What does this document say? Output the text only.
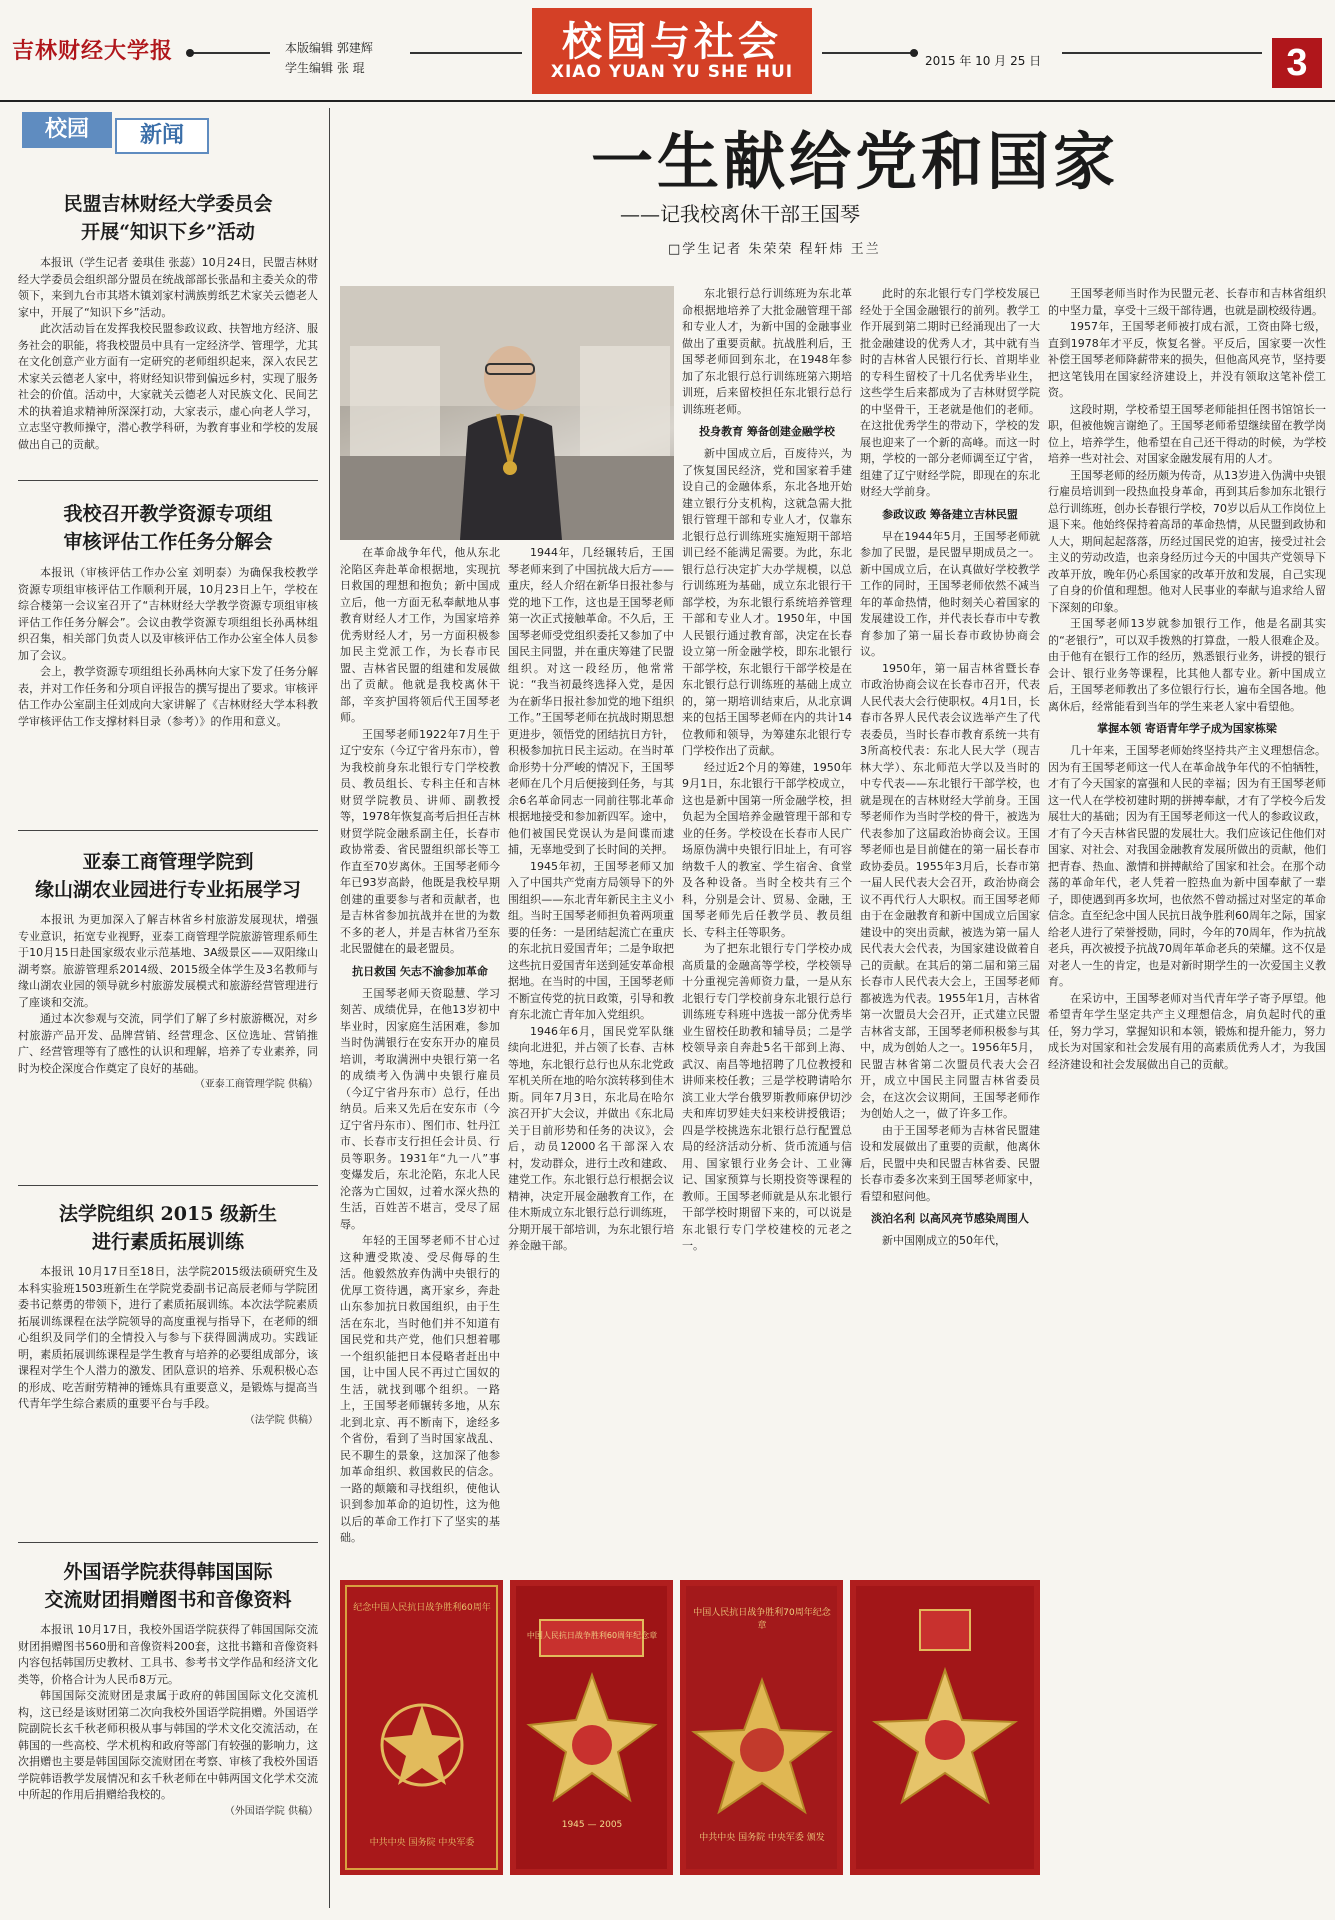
吉林财经大学报	本版编辑 郭建辉
学生编辑 张 琨
校园与社会
XIAO YUAN YU SHE HUI
2015 年 10 月 25 日	3
校园	新闻
民盟吉林财经大学委员会
开展“知识下乡”活动

本报讯（学生记者 姜琪佳 张蕊）10月24日，民盟吉林财经大学委员会组织部分盟员在统战部部长张晶和主委关众的带领下，来到九台市其塔木镇刘家村满族剪纸艺术家关云德老人家中，开展了“知识下乡”活动。

此次活动旨在发挥我校民盟参政议政、扶智地方经济、服务社会的职能，将我校盟员中具有一定经济学、管理学，尤其在文化创意产业方面有一定研究的老师组织起来，深入农民艺术家关云德老人家中，将财经知识带到偏远乡村，实现了服务社会的价值。活动中，大家就关云德老人对民族文化、民间艺术的执着追求精神所深深打动，大家表示，虚心向老人学习，立志坚守教师操守，潜心教学科研，为教育事业和学校的发展做出自己的贡献。

我校召开教学资源专项组
审核评估工作任务分解会

本报讯（审核评估工作办公室 刘明泰）为确保我校教学资源专项组审核评估工作顺利开展，10月23日上午，学校在综合楼第一会议室召开了“吉林财经大学教学资源专项组审核评估工作任务分解会”。会议由教学资源专项组组长孙禹林组织召集，相关部门负责人以及审核评估工作办公室全体人员参加了会议。

会上，教学资源专项组组长孙禹林向大家下发了任务分解表，并对工作任务和分项自评报告的撰写提出了要求。审核评估工作办公室副主任刘成向大家讲解了《吉林财经大学本科教学审核评估工作支撑材料目录（参考）》的作用和意义。

亚泰工商管理学院到
缘山湖农业园进行专业拓展学习

本报讯 为更加深入了解吉林省乡村旅游发展现状，增强专业意识，拓宽专业视野，亚泰工商管理学院旅游管理系师生于10月15日赴国家级农业示范基地、3A级景区——双阳缘山湖考察。旅游管理系2014级、2015级全体学生及3名教师与缘山湖农业园的领导就乡村旅游发展模式和旅游经营管理进行了座谈和交流。

通过本次参观与交流，同学们了解了乡村旅游概况，对乡村旅游产品开发、品牌营销、经营理念、区位选址、营销推广、经营管理等有了感性的认识和理解，培养了专业素养，同时为校企深度合作奠定了良好的基础。

（亚泰工商管理学院 供稿）
法学院组织 2015 级新生
进行素质拓展训练

本报讯 10月17日至18日，法学院2015级法硕研究生及本科实验班1503班新生在学院党委副书记高辰老师与学院团委书记蔡勇的带领下，进行了素质拓展训练。本次法学院素质拓展训练课程在法学院领导的高度重视与指导下，在老师的细心组织及同学们的全情投入与参与下获得圆满成功。实践证明，素质拓展训练课程是学生教育与培养的必要组成部分，该课程对学生个人潜力的激发、团队意识的培养、乐观积极心态的形成、吃苦耐劳精神的锤炼具有重要意义，是锻炼与提高当代青年学生综合素质的重要平台与手段。

（法学院 供稿）
外国语学院获得韩国国际
交流财团捐赠图书和音像资料

本报讯 10月17日，我校外国语学院获得了韩国国际交流财团捐赠图书560册和音像资料200套，这批书籍和音像资料内容包括韩国历史教材、工具书、参考书文学作品和经济文化类等，价格合计为人民币8万元。

韩国国际交流财团是隶属于政府的韩国国际文化交流机构，这已经是该财团第二次向我校外国语学院捐赠。外国语学院副院长玄千秋老师积极从事与韩国的学术文化交流活动，在韩国的一些高校、学术机构和政府等部门有较强的影响力，这次捐赠也主要是韩国国际交流财团在考察、审核了我校外国语学院韩语教学发展情况和玄千秋老师在中韩两国文化学术交流中所起的作用后捐赠给我校的。

（外国语学院 供稿）
一生献给党和国家
——记我校离休干部王国琴
□学生记者 朱荣荣 程轩炜 王兰

在革命战争年代，他从东北沦陷区奔赴革命根据地，实现抗日救国的理想和抱负；新中国成立后，他一方面无私奉献地从事教育财经人才工作，为国家培养优秀财经人才，另一方面积极参加民主党派工作，为长春市民盟、吉林省民盟的组建和发展做出了贡献。他就是我校离休干部，辛亥护国将领后代王国琴老师。

王国琴老师1922年7月生于辽宁安东（今辽宁省丹东市），曾为我校前身东北银行专门学校教员、教员组长、专科主任和吉林财贸学院教员、讲师、副教授等，1978年恢复高考后担任吉林财贸学院金融系副主任，长春市政协常委、省民盟组织部长等工作直至70岁离休。王国琴老师今年已93岁高龄，他既是我校早期创建的重要参与者和贡献者，也是吉林省参加抗战并在世的为数不多的老人，并是吉林省乃至东北民盟健在的最老盟员。

抗日救国 矢志不渝参加革命

王国琴老师天资聪慧、学习刻苦、成绩优异，在他13岁初中毕业时，因家庭生活困难，参加当时伪满银行在安东开办的雇员培训，考取满洲中央银行第一名的成绩考入伪满中央银行雇员（今辽宁省丹东市）总行，任出纳员。后来又先后在安东市（今辽宁省丹东市）、图们市、牡丹江市、长春市支行担任会计员、行员等职务。1931年“九一八”事变爆发后，东北沦陷，东北人民沦落为亡国奴，过着水深火热的生活，百姓苦不堪言，受尽了屈辱。

年轻的王国琴老师不甘心过这种遭受欺凌、受尽侮辱的生活。他毅然放弃伪满中央银行的优厚工资待遇，离开家乡，奔赴山东参加抗日救国组织，由于生活在东北，当时他们并不知道有国民党和共产党，他们只想着哪一个组织能把日本侵略者赶出中国，让中国人民不再过亡国奴的生活，就找到哪个组织。一路上，王国琴老师辗转多地，从东北到北京、再不断南下，途经多个省份，看到了当时国家战乱、民不聊生的景象，这加深了他参加革命组织、救国救民的信念。一路的颠簸和寻找组织，使他认识到参加革命的迫切性，这为他以后的革命工作打下了坚实的基础。

1944年，几经辗转后，王国琴老师来到了中国抗战大后方——重庆，经人介绍在新华日报社参与党的地下工作，这也是王国琴老师第一次正式接触革命。不久后，王国琴老师受党组织委托又参加了中国民主同盟，并在重庆筹建了民盟组织。对这一段经历，他常常说：“我当初最终选择入党，是因为在新华日报社参加党的地下组织工作。”王国琴老师在抗战时期思想更进步，领悟党的团结抗日方针，积极参加抗日民主运动。在当时革命形势十分严峻的情况下，王国琴老师在几个月后便接到任务，与其余6名革命同志一同前往鄂北革命根据地接受和参加新四军。途中，他们被国民党误认为是间谍而逮捕，无辜地受到了长时间的关押。

1945年初，王国琴老师又加入了中国共产党南方局领导下的外围组织——东北青年新民主主义小组。当时王国琴老师担负着两项重要的任务：一是团结起流亡在重庆的东北抗日爱国青年；二是争取把这些抗日爱国青年送到延安革命根据地。在当时的中国，王国琴老师不断宣传党的抗日政策，引导和教育东北流亡青年加入党组织。

1946年6月，国民党军队继续向北进犯，并占领了长春、吉林等地，东北银行总行也从东北党政军机关所在地的哈尔滨转移到佳木斯。同年7月3日，东北局在哈尔滨召开扩大会议，并做出《东北局关于目前形势和任务的决议》，会后，动员12000名干部深入农村，发动群众，进行土改和建政、建党工作。东北银行总行根据会议精神，决定开展金融教育工作，在佳木斯成立东北银行总行训练班，分期开展干部培训，为东北银行培养金融干部。

东北银行总行训练班为东北革命根据地培养了大批金融管理干部和专业人才，为新中国的金融事业做出了重要贡献。抗战胜利后，王国琴老师回到东北，在1948年参加了东北银行总行训练班第六期培训班，后来留校担任东北银行总行训练班老师。

投身教育 筹备创建金融学校

新中国成立后，百废待兴，为了恢复国民经济，党和国家着手建设自己的金融体系，东北各地开始建立银行分支机构，这就急需大批银行管理干部和专业人才，仅靠东北银行总行训练班实施短期干部培训已经不能满足需要。为此，东北银行总行决定扩大办学规模，以总行训练班为基础，成立东北银行干部学校，为东北银行系统培养管理干部和专业人才。1950年，中国人民银行通过教育部，决定在长春设立第一所金融学校，即东北银行干部学校，东北银行干部学校是在东北银行总行训练班的基础上成立的，第一期培训结束后，从北京调来的包括王国琴老师在内的共计14位教师和领导，为筹建东北银行专门学校作出了贡献。

经过近2个月的筹建，1950年9月1日，东北银行干部学校成立，这也是新中国第一所金融学校，担负起为全国培养金融管理干部和专业的任务。学校设在长春市人民广场原伪满中央银行旧址上，有可容纳数千人的教室、学生宿舍、食堂及各种设备。当时全校共有三个科，分别是会计、贸易、金融，王国琴老师先后任教学员、教员组长、专科主任等职务。

为了把东北银行专门学校办成高质量的金融高等学校，学校领导十分重视完善师资力量，一是从东北银行专门学校前身东北银行总行训练班专科班中选拔一部分优秀毕业生留校任助教和辅导员；二是学校领导亲自奔赴5名干部到上海、武汉、南昌等地招聘了几位教授和讲师来校任教；三是学校聘请哈尔滨工业大学台俄罗斯教师麻伊切沙夫和库切罗娃夫妇来校讲授俄语；四是学校挑选东北银行总行配置总局的经济活动分析、货币流通与信用、国家银行业务会计、工业簿记、国家预算与长期投资等课程的教师。王国琴老师就是从东北银行干部学校时期留下来的，可以说是东北银行专门学校建校的元老之一。

此时的东北银行专门学校发展已经处于全国金融银行的前列。教学工作开展到第二期时已经涌现出了一大批金融建设的优秀人才，其中就有当时的吉林省人民银行行长、首期毕业的专科生留校了十几名优秀毕业生，这些学生后来都成为了吉林财贸学院的中坚骨干，王老就是他们的老师。在这批优秀学生的带动下，学校的发展也迎来了一个新的高峰。而这一时期，学校的一部分老师调至辽宁省，组建了辽宁财经学院，即现在的东北财经大学前身。

参政议政 筹备建立吉林民盟

早在1944年5月，王国琴老师就参加了民盟，是民盟早期成员之一。新中国成立后，在认真做好学校教学工作的同时，王国琴老师依然不减当年的革命热情，他时刻关心着国家的发展建设工作，并代表长春市中专教育参加了第一届长春市政协协商会议。

1950年，第一届吉林省暨长春市政治协商会议在长春市召开，代表人民代表大会行使职权。4月1日，长春市各界人民代表会议选举产生了代表委员，当时长春市教育系统一共有3所高校代表：东北人民大学（现吉林大学）、东北师范大学以及当时的中专代表——东北银行干部学校，也就是现在的吉林财经大学前身。王国琴老师作为当时学校的骨干，被选为代表参加了这届政治协商会议。王国琴老师也是目前健在的第一届长春市政协委员。1955年3月后，长春市第一届人民代表大会召开，政治协商会议不再代行人大职权。而王国琴老师由于在金融教育和新中国成立后国家建设中的突出贡献，被选为第一届人民代表大会代表，为国家建设做着自己的贡献。在其后的第二届和第三届长春市人民代表大会上，王国琴老师都被选为代表。1955年1月，吉林省第一次盟员大会召开，正式建立民盟吉林省支部，王国琴老师积极参与其中，成为创始人之一。1956年5月，民盟吉林省第二次盟员代表大会召开，成立中国民主同盟吉林省委员会，在这次会议期间，王国琴老师作为创始人之一，做了许多工作。

由于王国琴老师为吉林省民盟建设和发展做出了重要的贡献，他离休后，民盟中央和民盟吉林省委、民盟长春市委多次来到王国琴老师家中，看望和慰问他。

淡泊名利 以高风亮节感染周围人

新中国刚成立的50年代，

王国琴老师当时作为民盟元老、长春市和吉林省组织的中坚力量，享受十三级干部待遇，也就是副校级待遇。

1957年，王国琴老师被打成右派，工资由降七级，直到1978年才平反，恢复名誉。平反后，国家要一次性补偿王国琴老师降薪带来的损失，但他高风亮节，坚持要把这笔钱用在国家经济建设上，并没有领取这笔补偿工资。

这段时期，学校希望王国琴老师能担任图书馆馆长一职，但被他婉言谢绝了。王国琴老师希望继续留在教学岗位上，培养学生，他希望在自己还干得动的时候，为学校培养一些对社会、对国家金融发展有用的人才。

王国琴老师的经历颇为传奇，从13岁进入伪满中央银行雇员培训到一段热血投身革命，再到其后参加东北银行总行训练班，创办长春银行学校，70岁以后从工作岗位上退下来。他始终保持着高昂的革命热情，从民盟到政协和人大，期间起起落落，历经过国民党的迫害，接受过社会主义的劳动改造，也亲身经历过今天的中国共产党领导下改革开放，晚年仍心系国家的改革开放和发展，自己实现了自身的价值和理想。他对人民事业的奉献与追求给人留下深刻的印象。

王国琴老师13岁就参加银行工作，他是名副其实的“老银行”，可以双手拨熟的打算盘，一般人很难企及。由于他有在银行工作的经历，熟悉银行业务，讲授的银行会计、银行业务等课程，比其他人都专业。新中国成立后，王国琴老师教出了多位银行行长，遍布全国各地。他离休后，经常能看到当年的学生来老人家中看望他。

掌握本领 寄语青年学子成为国家栋梁

几十年来，王国琴老师始终坚持共产主义理想信念。因为有王国琴老师这一代人在革命战争年代的不怕牺牲，才有了今天国家的富强和人民的幸福；因为有王国琴老师这一代人在学校初建时期的拼搏奉献，才有了学校今后发展壮大的基础；因为有王国琴老师这一代人的参政议政，才有了今天吉林省民盟的发展壮大。我们应该记住他们对国家、对社会、对我国金融教育发展所做出的贡献，他们把青春、热血、激情和拼搏献给了国家和社会。在那个动荡的革命年代，老人凭着一腔热血为新中国奉献了一辈子，即使遇到再多坎坷，也依然不曾动摇过对坚定的革命信念。直至纪念中国人民抗日战争胜利60周年之际，国家给老人进行了荣誉授勋，同时，今年的70周年，作为抗战老兵，再次被授予抗战70周年革命老兵的荣耀。这不仅是对老人一生的肯定，也是对新时期学生的一次爱国主义教育。

在采访中，王国琴老师对当代青年学子寄予厚望。他希望青年学生坚定共产主义理想信念，肩负起时代的重任，努力学习，掌握知识和本领，锻炼和提升能力，努力成长为对国家和社会发展有用的高素质优秀人才，为我国经济建设和社会发展做出自己的贡献。

纪念中国人民抗日战争胜利60周年
中共中央 国务院 中央军委
中国人民抗日战争胜利60周年纪念章
1945 — 2005
中国人民抗日战争胜利70周年纪念章
中共中央 国务院 中央军委 颁发
